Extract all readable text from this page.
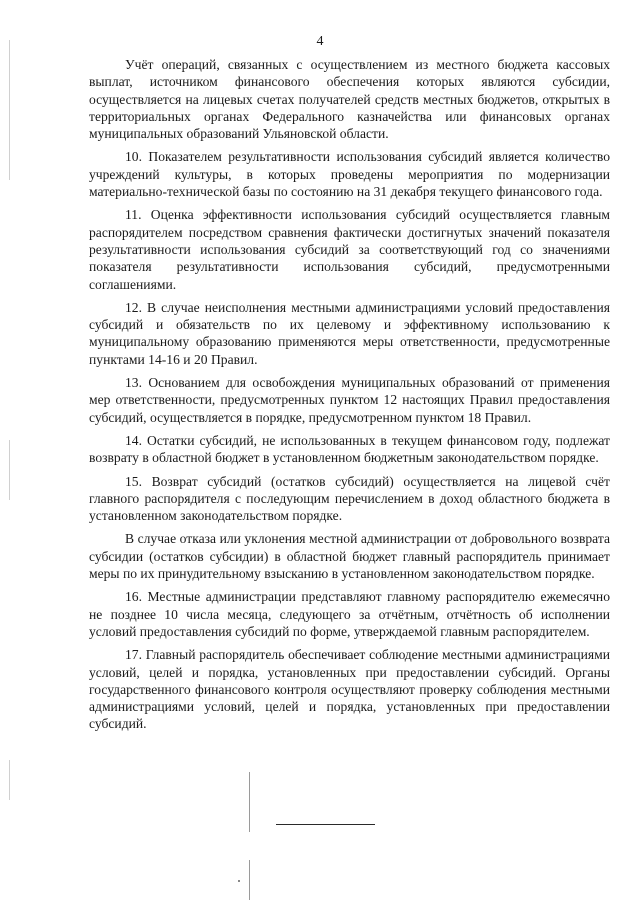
4

Учёт операций, связанных с осуществлением из местного бюджета кассовых выплат, источником финансового обеспечения которых являются субсидии, осуществляется на лицевых счетах получателей средств местных бюджетов, открытых в территориальных органах Федерального казначейства или финансовых органах муниципальных образований Ульяновской области.

10. Показателем результативности использования субсидий является количество учреждений культуры, в которых проведены мероприятия по модернизации материально-технической базы по состоянию на 31 декабря текущего финансового года.

11. Оценка эффективности использования субсидий осуществляется главным распорядителем посредством сравнения фактически достигнутых значений показателя результативности использования субсидий за соответствующий год со значениями показателя результативности использования субсидий, предусмотренными соглашениями.

12. В случае неисполнения местными администрациями условий предоставления субсидий и обязательств по их целевому и эффективному использованию к муниципальному образованию применяются меры ответственности, предусмотренные пунктами 14-16 и 20 Правил.

13. Основанием для освобождения муниципальных образований от применения мер ответственности, предусмотренных пунктом 12 настоящих Правил предоставления субсидий, осуществляется в порядке, предусмотренном пунктом 18 Правил.

14. Остатки субсидий, не использованных в текущем финансовом году, подлежат возврату в областной бюджет в установленном бюджетным законодательством порядке.

15. Возврат субсидий (остатков субсидий) осуществляется на лицевой счёт главного распорядителя с последующим перечислением в доход областного бюджета в установленном законодательством порядке.

В случае отказа или уклонения местной администрации от добровольного возврата субсидии (остатков субсидии) в областной бюджет главный распорядитель принимает меры по их принудительному взысканию в установленном законодательством порядке.

16. Местные администрации представляют главному распорядителю ежемесячно не позднее 10 числа месяца, следующего за отчётным, отчётность об исполнении условий предоставления субсидий по форме, утверждаемой главным распорядителем.

17. Главный распорядитель обеспечивает соблюдение местными администрациями условий, целей и порядка, установленных при предоставлении субсидий. Органы государственного финансового контроля осуществляют проверку соблюдения местными администрациями условий, целей и порядка, установленных при предоставлении субсидий.
